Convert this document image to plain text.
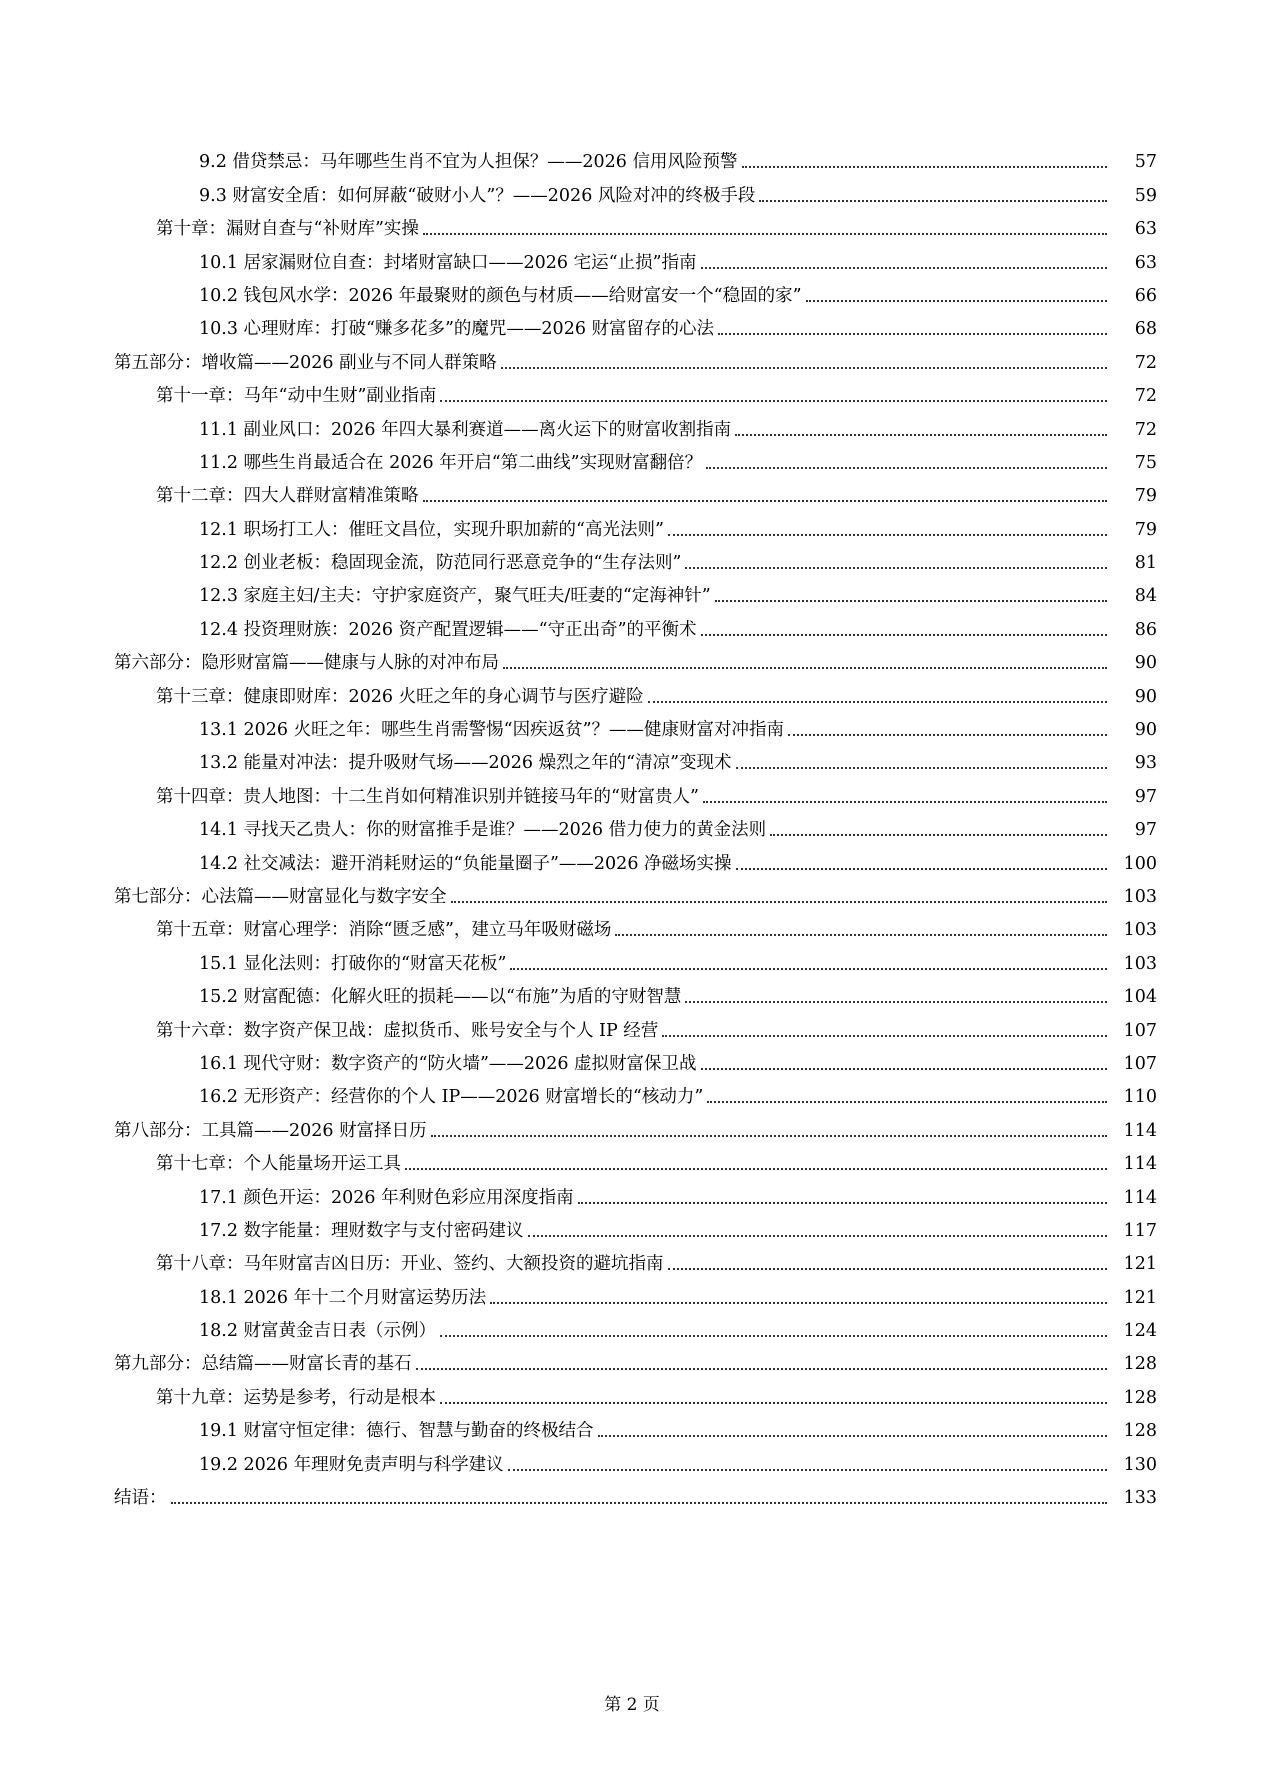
9.2 借贷禁忌：马年哪些生肖不宜为人担保？——2026 信用风险预警	57
9.3 财富安全盾：如何屏蔽“破财小人”？——2026 风险对冲的终极手段	59
第十章：漏财自查与“补财库”实操	63
10.1 居家漏财位自查：封堵财富缺口——2026 宅运“止损”指南	63
10.2 钱包风水学：2026 年最聚财的颜色与材质——给财富安一个“稳固的家”	66
10.3 心理财库：打破“赚多花多”的魔咒——2026 财富留存的心法	68
第五部分：增收篇——2026 副业与不同人群策略	72
第十一章：马年“动中生财”副业指南	72
11.1 副业风口：2026 年四大暴利赛道——离火运下的财富收割指南	72
11.2 哪些生肖最适合在 2026 年开启“第二曲线”实现财富翻倍？	75
第十二章：四大人群财富精准策略	79
12.1 职场打工人：催旺文昌位，实现升职加薪的“高光法则”	79
12.2 创业老板：稳固现金流，防范同行恶意竞争的“生存法则”	81
12.3 家庭主妇/主夫：守护家庭资产，聚气旺夫/旺妻的“定海神针”	84
12.4 投资理财族：2026 资产配置逻辑——“守正出奇”的平衡术	86
第六部分：隐形财富篇——健康与人脉的对冲布局	90
第十三章：健康即财库：2026 火旺之年的身心调节与医疗避险	90
13.1 2026 火旺之年：哪些生肖需警惕“因疾返贫”？——健康财富对冲指南	90
13.2 能量对冲法：提升吸财气场——2026 燥烈之年的“清凉”变现术	93
第十四章：贵人地图：十二生肖如何精准识别并链接马年的“财富贵人”	97
14.1 寻找天乙贵人：你的财富推手是谁？——2026 借力使力的黄金法则	97
14.2 社交减法：避开消耗财运的“负能量圈子”——2026 净磁场实操	100
第七部分：心法篇——财富显化与数字安全	103
第十五章：财富心理学：消除“匮乏感”，建立马年吸财磁场	103
15.1 显化法则：打破你的“财富天花板”	103
15.2 财富配德：化解火旺的损耗——以“布施”为盾的守财智慧	104
第十六章：数字资产保卫战：虚拟货币、账号安全与个人 IP 经营	107
16.1 现代守财：数字资产的“防火墙”——2026 虚拟财富保卫战	107
16.2 无形资产：经营你的个人 IP——2026 财富增长的“核动力”	110
第八部分：工具篇——2026 财富择日历	114
第十七章：个人能量场开运工具	114
17.1 颜色开运：2026 年利财色彩应用深度指南	114
17.2 数字能量：理财数字与支付密码建议	117
第十八章：马年财富吉凶日历：开业、签约、大额投资的避坑指南	121
18.1 2026 年十二个月财富运势历法	121
18.2 财富黄金吉日表（示例）	124
第九部分：总结篇——财富长青的基石	128
第十九章：运势是参考，行动是根本	128
19.1 财富守恒定律：德行、智慧与勤奋的终极结合	128
19.2 2026 年理财免责声明与科学建议	130
结语：	133
第 2 页
